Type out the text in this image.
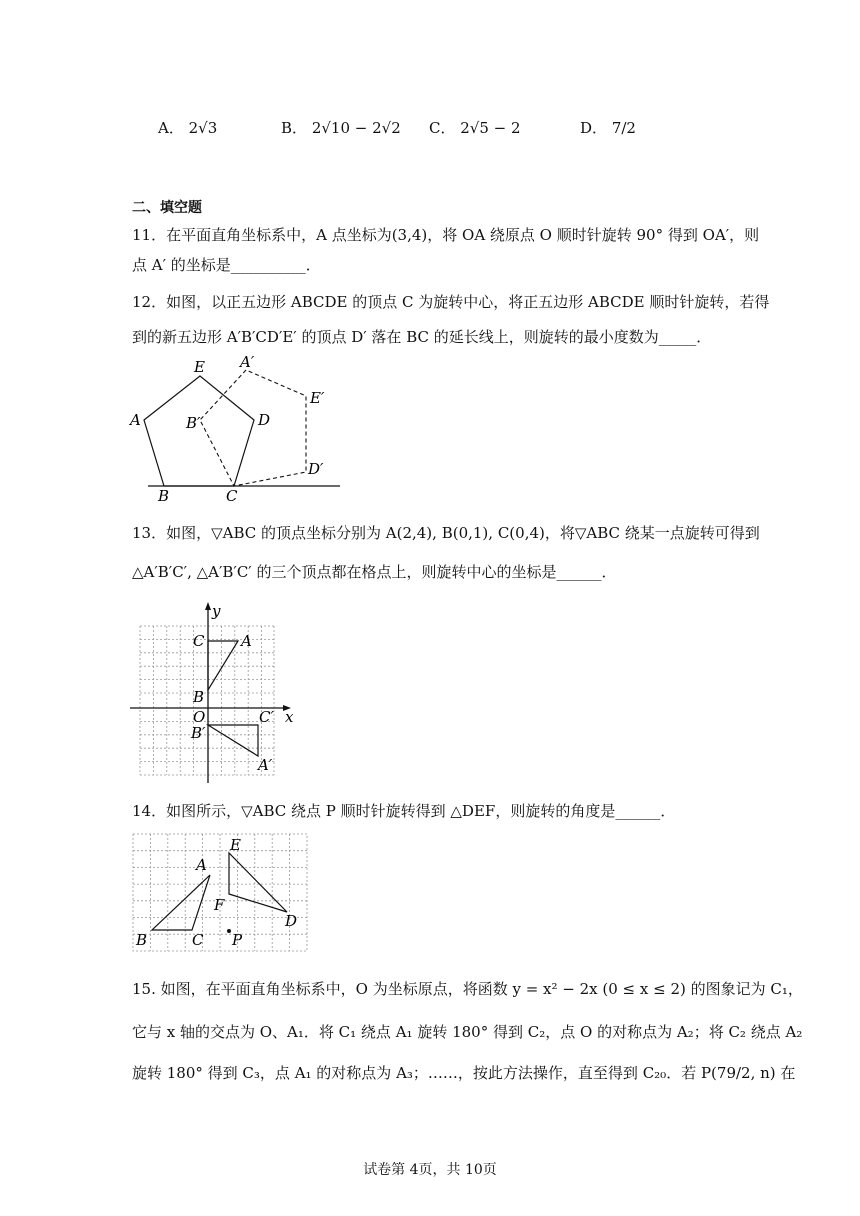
A． 2√3	B． 2√10 − 2√2 C． 2√5 − 2	D． 7/2
二、填空题
11．在平面直角坐标系中，A 点坐标为(3,4)，将 OA 绕原点 O 顺时针旋转 90° 得到 OA′，则
点 A′ 的坐标是__________．
12．如图，以正五边形 ABCDE 的顶点 C 为旋转中心，将正五边形 ABCDE 顺时针旋转，若得
到的新五边形 A′B′CD′E′ 的顶点 D′ 落在 BC 的延长线上，则旋转的最小度数为_____．
E
A
B	C
D
A′
B′
E′
D′
13．如图，▽ABC 的顶点坐标分别为 A(2,4), B(0,1), C(0,4)，将▽ABC 绕某一点旋转可得到
△A′B′C′, △A′B′C′ 的三个顶点都在格点上，则旋转中心的坐标是______．
y
x
O
C A
B
B′
C′
A′
14．如图所示，▽ABC 绕点 P 顺时针旋转得到 △DEF，则旋转的角度是______．
A
B	C
E
F
D
P
15. 如图，在平面直角坐标系中，O 为坐标原点，将函数 y = x² − 2x (0 ≤ x ≤ 2) 的图象记为 C₁，
它与 x 轴的交点为 O、A₁．将 C₁ 绕点 A₁ 旋转 180° 得到 C₂，点 O 的对称点为 A₂；将 C₂ 绕点 A₂
旋转 180° 得到 C₃，点 A₁ 的对称点为 A₃；……，按此方法操作，直至得到 C₂₀．若 P(79/2, n) 在
试卷第 4页，共 10页
